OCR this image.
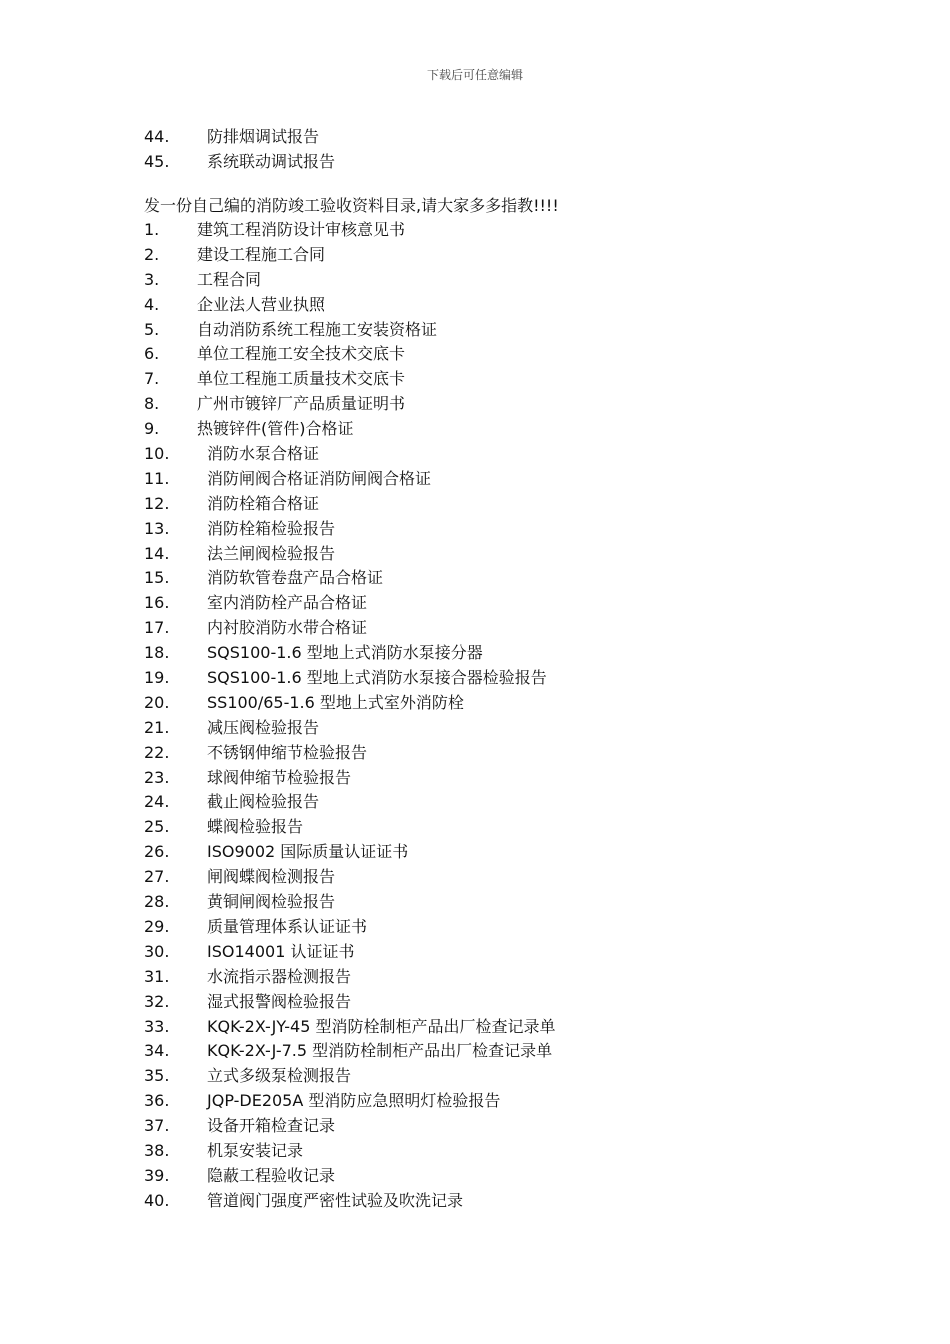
下载后可任意编辑
44. 防排烟调试报告
45. 系统联动调试报告
发一份自己编的消防竣工验收资料目录,请大家多多指教!!!!
1. 建筑工程消防设计审核意见书
2. 建设工程施工合同
3. 工程合同
4. 企业法人营业执照
5. 自动消防系统工程施工安装资格证
6. 单位工程施工安全技术交底卡
7. 单位工程施工质量技术交底卡
8. 广州市镀锌厂产品质量证明书
9. 热镀锌件(管件)合格证
10. 消防水泵合格证
11. 消防闸阀合格证消防闸阀合格证
12. 消防栓箱合格证
13. 消防栓箱检验报告
14. 法兰闸阀检验报告
15. 消防软管卷盘产品合格证
16. 室内消防栓产品合格证
17. 内衬胶消防水带合格证
18. SQS100-1.6 型地上式消防水泵接分器
19. SQS100-1.6 型地上式消防水泵接合器检验报告
20. SS100/65-1.6 型地上式室外消防栓
21. 减压阀检验报告
22. 不锈钢伸缩节检验报告
23. 球阀伸缩节检验报告
24. 截止阀检验报告
25. 蝶阀检验报告
26. ISO9002 国际质量认证证书
27. 闸阀蝶阀检测报告
28. 黄铜闸阀检验报告
29. 质量管理体系认证证书
30. ISO14001 认证证书
31. 水流指示器检测报告
32. 湿式报警阀检验报告
33. KQK-2X-JY-45 型消防栓制柜产品出厂检查记录单
34. KQK-2X-J-7.5 型消防栓制柜产品出厂检查记录单
35. 立式多级泵检测报告
36. JQP-DE205A 型消防应急照明灯检验报告
37. 设备开箱检查记录
38. 机泵安装记录
39. 隐蔽工程验收记录
40. 管道阀门强度严密性试验及吹洗记录
